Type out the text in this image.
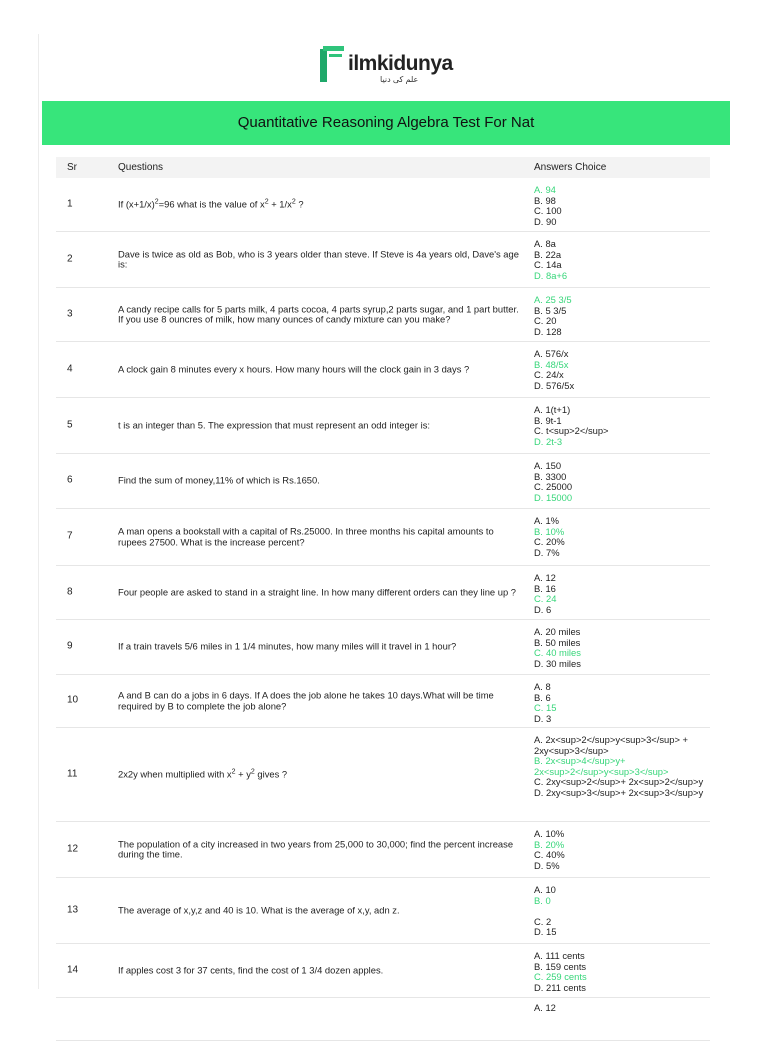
ilmkidunya
علم کی دنیا
Quantitative Reasoning Algebra Test For Nat
Sr	Questions	Answers Choice
1	If $(x+1/x)^2=96$ what is the value of $x^2 + 1/x^2$ ?
A. 94
B. 98
C. 100
D. 90
2	Dave is twice as old as Bob, who is 3 years older than steve. If Steve is 4a years old, Dave's age is:
A. 8a
B. 22a
C. 14a
D. 8a+6
3	A candy recipe calls for 5 parts milk, 4 parts cocoa, 4 parts syrup,2 parts sugar, and 1 part butter. If you use 8 ouncres of milk, how many ounces of candy mixture can you make?
A. 25 3/5
B. 5 3/5
C. 20
D. 128
4	A clock gain 8 minutes every x hours. How many hours will the clock gain in 3 days ?
A. 576/x
B. 48/5x
C. 24/x
D. 576/5x
5	t is an integer than 5. The expression that must represent an odd integer is:
A. 1(t+1)
B. 9t-1
C. t<sup>2</sup>
D. 2t-3
6	Find the sum of money,11% of which is Rs.1650.
A. 150
B. 3300
C. 25000
D. 15000
7	A man opens a bookstall with a capital of Rs.25000. In three months his capital amounts to rupees 27500. What is the increase percent?
A. 1%
B. 10%
C. 20%
D. 7%
8	Four people are asked to stand in a straight line. In how many different orders can they line up ?
A. 12
B. 16
C. 24
D. 6
9	If a train travels 5/6 miles in 1 1/4 minutes, how many miles will it travel in 1 hour?
A. 20 miles
B. 50 miles
C. 40 miles
D. 30 miles
10	A and B can do a jobs in 6 days. If A does the job alone he takes 10 days.What will be time required by B to complete the job alone?
A. 8
B. 6
C. 15
D. 3
11	2x2y when multiplied with $x^2 + y^2$ gives ?
A. 2x<sup>2</sup>y<sup>3</sup> + 2xy<sup>3</sup>
B. 2x<sup>4</sup>y+ 2x<sup>2</sup>y<sup>3</sup>
C. 2xy<sup>2</sup>+ 2x<sup>2</sup>y
D. 2xy<sup>3</sup>+ 2x<sup>3</sup>y
12	The population of a city increased in two years from 25,000 to 30,000; find the percent increase during the time.
A. 10%
B. 20%
C. 40%
D. 5%
13	The average of x,y,z and 40 is 10. What is the average of x,y, adn z.
A. 10
B. 0

C. 2
D. 15
14	If apples cost 3 for 37 cents, find the cost of 1 3/4 dozen apples.
A. 111 cents
B. 159 cents
C. 259 cents
D. 211 cents
A. 12
